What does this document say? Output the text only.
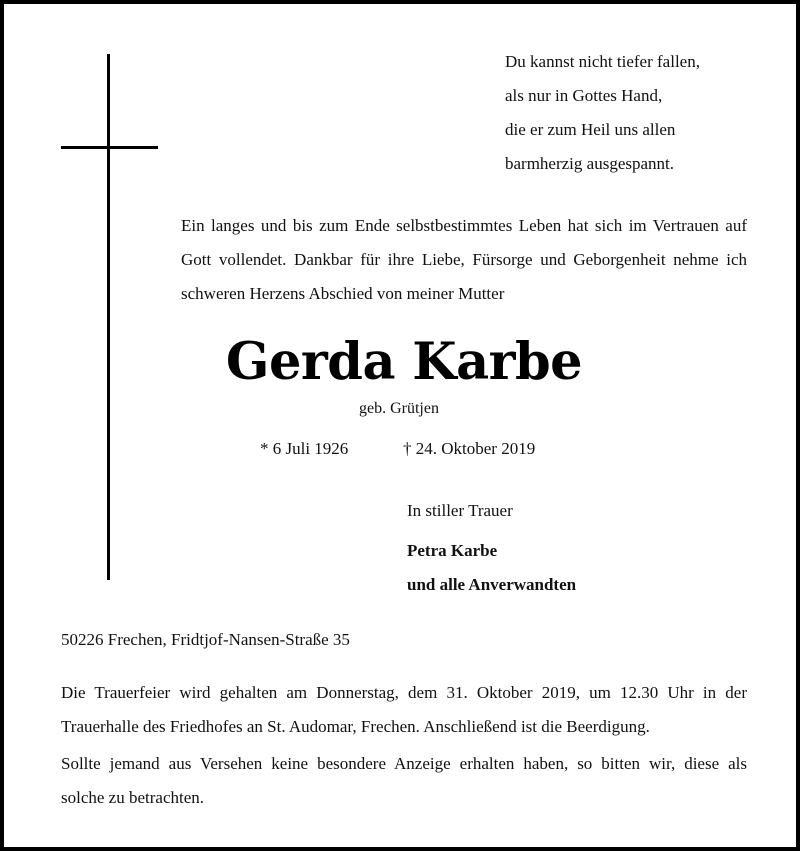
Du kannst nicht tiefer fallen,
als nur in Gottes Hand,
die er zum Heil uns allen
barmherzig ausgespannt.
Ein langes und bis zum Ende selbstbestimmtes Leben hat sich im Vertrauen auf
Gott vollendet. Dankbar für ihre Liebe, Fürsorge und Geborgenheit nehme ich
schweren Herzens Abschied von meiner Mutter
Gerda Karbe
geb. Grütjen
* 6 Juli 1926	† 24. Oktober 2019
In stiller Trauer
Petra Karbe
und alle Anverwandten
50226 Frechen, Fridtjof-Nansen-Straße 35
Die Trauerfeier wird gehalten am Donnerstag, dem 31. Oktober 2019, um 12.30 Uhr in der
Trauerhalle des Friedhofes an St. Audomar, Frechen. Anschließend ist die Beerdigung.
Sollte jemand aus Versehen keine besondere Anzeige erhalten haben, so bitten wir, diese als
solche zu betrachten.
